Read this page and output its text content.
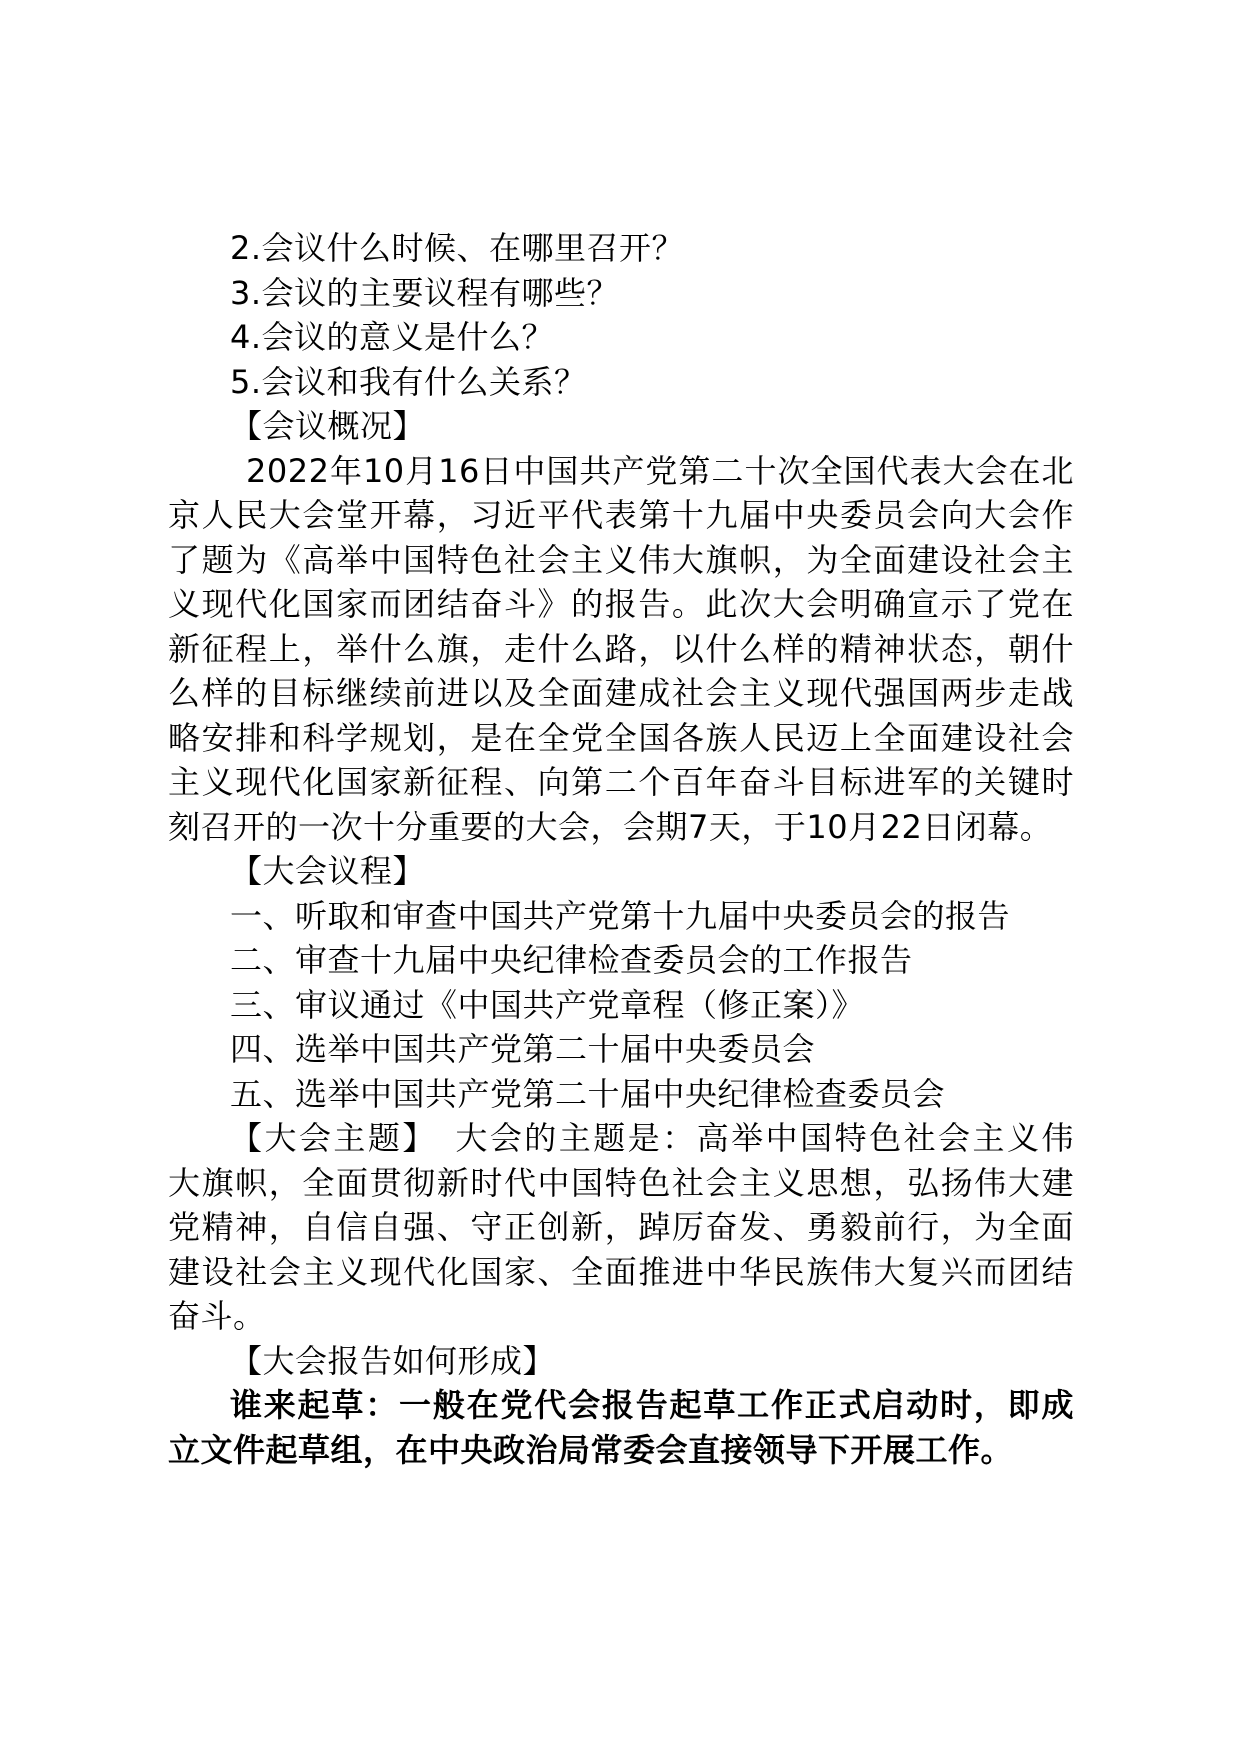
2.会议什么时候、在哪里召开？
3.会议的主要议程有哪些？
4.会议的意义是什么？
5.会议和我有什么关系？
【会议概况】
2022年10月16日中国共产党第二十次全国代表大会在北
京人民大会堂开幕，习近平代表第十九届中央委员会向大会作
了题为《高举中国特色社会主义伟大旗帜，为全面建设社会主
义现代化国家而团结奋斗》的报告。此次大会明确宣示了党在
新征程上，举什么旗，走什么路，以什么样的精神状态，朝什
么样的目标继续前进以及全面建成社会主义现代强国两步走战
略安排和科学规划，是在全党全国各族人民迈上全面建设社会
主义现代化国家新征程、向第二个百年奋斗目标进军的关键时
刻召开的一次十分重要的大会，会期7天，于10月22日闭幕。
【大会议程】
一、听取和审查中国共产党第十九届中央委员会的报告
二、审查十九届中央纪律检查委员会的工作报告
三、审议通过《中国共产党章程（修正案）》
四、选举中国共产党第二十届中央委员会
五、选举中国共产党第二十届中央纪律检查委员会
【大会主题】　大会的主题是：高举中国特色社会主义伟
大旗帜，全面贯彻新时代中国特色社会主义思想，弘扬伟大建
党精神，自信自强、守正创新，踔厉奋发、勇毅前行，为全面
建设社会主义现代化国家、全面推进中华民族伟大复兴而团结
奋斗。
【大会报告如何形成】
谁来起草：一般在党代会报告起草工作正式启动时，即成
立文件起草组，在中央政治局常委会直接领导下开展工作。
